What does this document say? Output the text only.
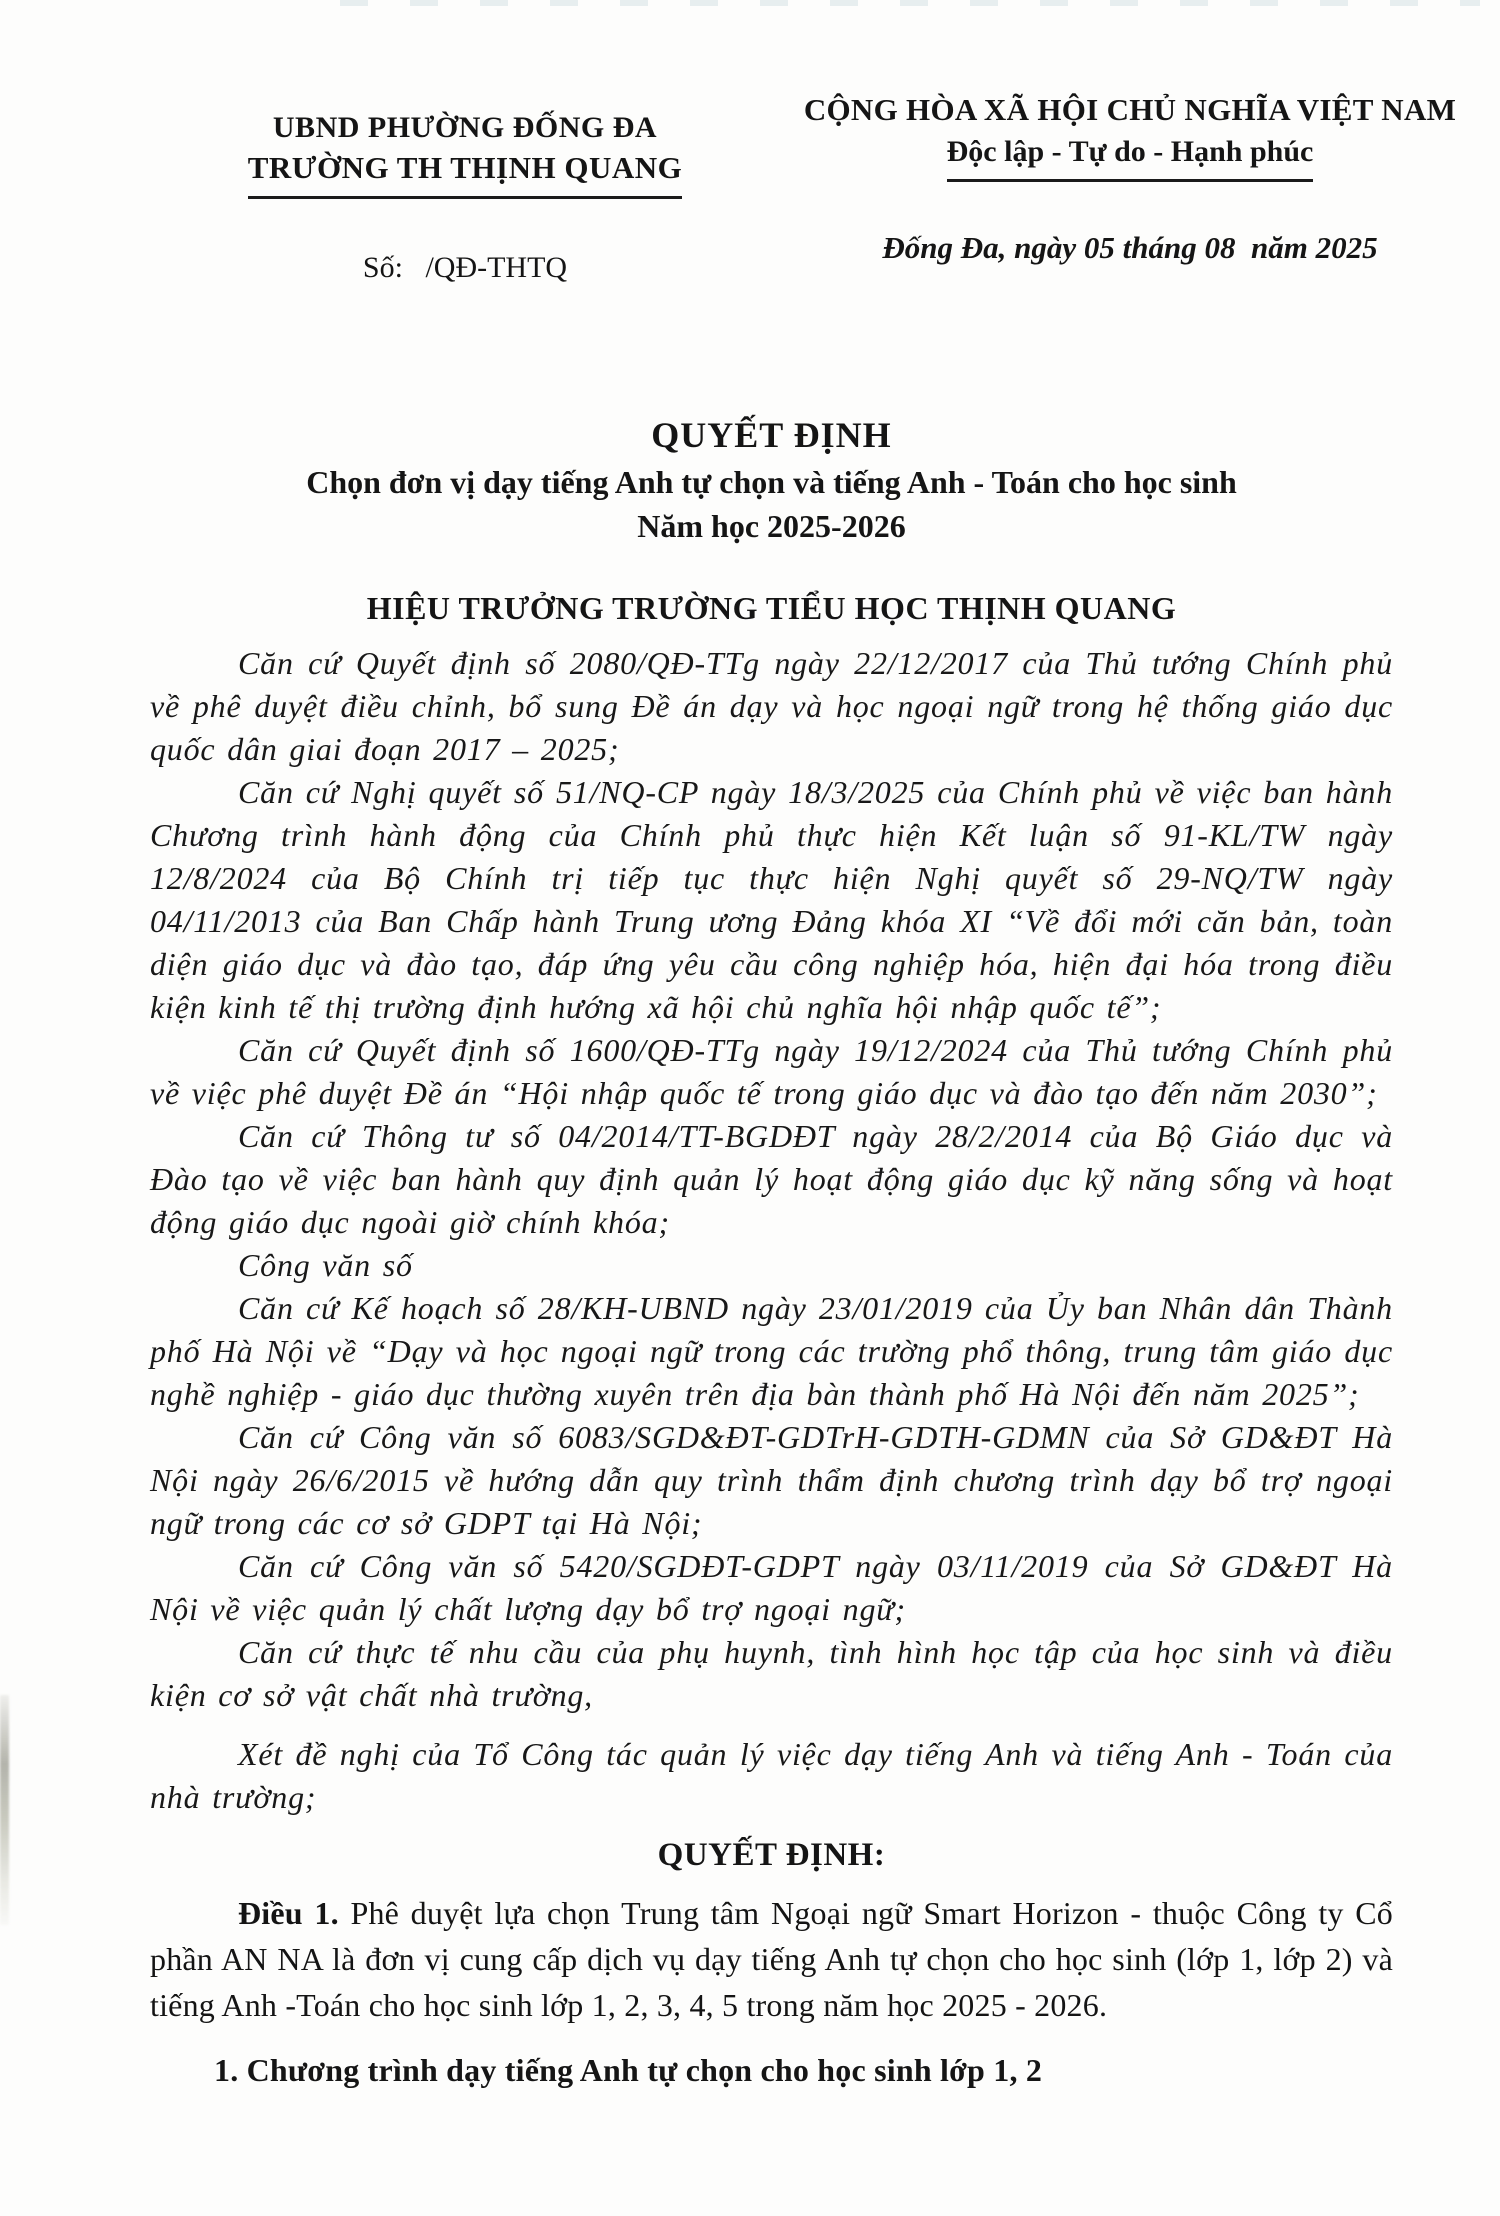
UBND PHƯỜNG ĐỐNG ĐA
TRƯỜNG TH THỊNH QUANG
Số:   /QĐ-THTQ
CỘNG HÒA XÃ HỘI CHỦ NGHĨA VIỆT NAM
Độc lập - Tự do - Hạnh phúc
Đống Đa, ngày 05 tháng 08  năm 2025
QUYẾT ĐỊNH
Chọn đơn vị dạy tiếng Anh tự chọn và tiếng Anh - Toán cho học sinh
Năm học 2025-2026
HIỆU TRƯỞNG TRƯỜNG TIỂU HỌC THỊNH QUANG

Căn cứ Quyết định số 2080/QĐ-TTg ngày 22/12/2017 của Thủ tướng Chính phủ về phê duyệt điều chỉnh, bổ sung Đề án dạy và học ngoại ngữ trong hệ thống giáo dục quốc dân giai đoạn 2017 – 2025;

Căn cứ Nghị quyết số 51/NQ-CP ngày 18/3/2025 của Chính phủ về việc ban hành Chương trình hành động của Chính phủ thực hiện Kết luận số 91-KL/TW ngày 12/8/2024 của Bộ Chính trị tiếp tục thực hiện Nghị quyết số 29-NQ/TW ngày 04/11/2013 của Ban Chấp hành Trung ương Đảng khóa XI “Về đổi mới căn bản, toàn diện giáo dục và đào tạo, đáp ứng yêu cầu công nghiệp hóa, hiện đại hóa trong điều kiện kinh tế thị trường định hướng xã hội chủ nghĩa hội nhập quốc tế”;

Căn cứ Quyết định số 1600/QĐ-TTg ngày 19/12/2024 của Thủ tướng Chính phủ về việc phê duyệt Đề án “Hội nhập quốc tế trong giáo dục và đào tạo đến năm 2030”;

Căn cứ Thông tư số 04/2014/TT-BGDĐT ngày 28/2/2014 của Bộ Giáo dục và Đào tạo về việc ban hành quy định quản lý hoạt động giáo dục kỹ năng sống và hoạt động giáo dục ngoài giờ chính khóa;

Công văn số

Căn cứ Kế hoạch số 28/KH-UBND ngày 23/01/2019 của Ủy ban Nhân dân Thành phố Hà Nội về “Dạy và học ngoại ngữ trong các trường phổ thông, trung tâm giáo dục nghề nghiệp - giáo dục thường xuyên trên địa bàn thành phố Hà Nội đến năm 2025”;

Căn cứ Công văn số 6083/SGD&ĐT-GDTrH-GDTH-GDMN của Sở GD&ĐT Hà Nội ngày 26/6/2015 về hướng dẫn quy trình thẩm định chương trình dạy bổ trợ ngoại ngữ trong các cơ sở GDPT tại Hà Nội;

Căn cứ Công văn số 5420/SGDĐT-GDPT ngày 03/11/2019 của Sở GD&ĐT Hà Nội về việc quản lý chất lượng dạy bổ trợ ngoại ngữ;

Căn cứ thực tế nhu cầu của phụ huynh, tình hình học tập của học sinh và điều kiện cơ sở vật chất nhà trường,

Xét đề nghị của Tổ Công tác quản lý việc dạy tiếng Anh và tiếng Anh - Toán của nhà trường;

QUYẾT ĐỊNH:

Điều 1. Phê duyệt lựa chọn Trung tâm Ngoại ngữ Smart Horizon - thuộc Công ty Cổ phần AN NA là đơn vị cung cấp dịch vụ dạy tiếng Anh tự chọn cho học sinh (lớp 1, lớp 2) và tiếng Anh -Toán cho học sinh lớp 1, 2, 3, 4, 5 trong năm học 2025 - 2026.

1. Chương trình dạy tiếng Anh tự chọn cho học sinh lớp 1, 2
